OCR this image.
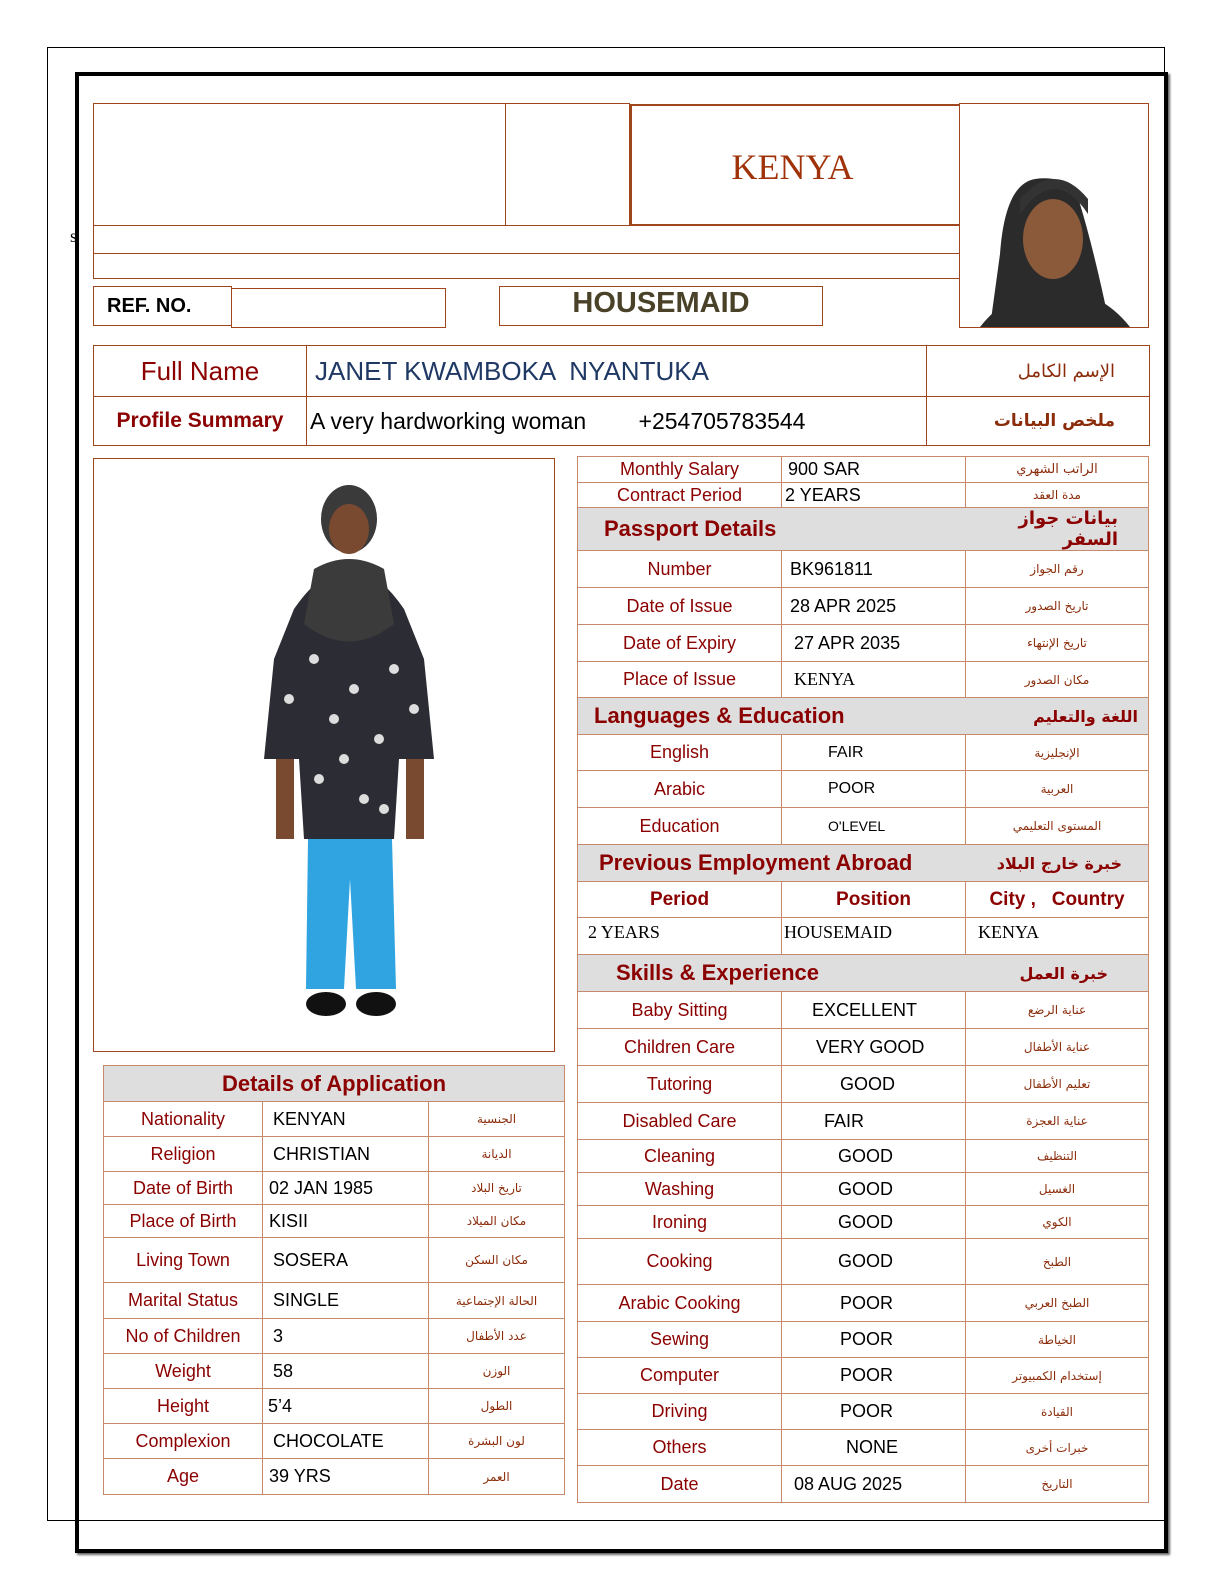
s
KENYA
REF. NO.	HOUSEMAID
Full Name	JANET KWAMBOKA  NYANTUKA	الإسم الكامل
Profile Summary	A very hardworking woman +254705783544	ملخص البيانات
Monthly Salary	900 SAR	الراتب الشهري
Contract Period	2 YEARS	مدة العقد
Passport Details		بيانات جواز السفر
Number	BK961811	رقم الجواز
Date of Issue	28 APR 2025	تاريخ الصدور
Date of Expiry	27 APR 2035	تاريخ الإنتهاء
Place of Issue	KENYA	مكان الصدور
Languages & Education		اللغة والتعليم
English	FAIR	الإنجليزية
Arabic	POOR	العربية
Education	O'LEVEL	المستوى التعليمي
Previous Employment Abroad		خبرة خارج البلاد
Period	Position	City ,   Country
2 YEARS	HOUSEMAID	KENYA
Skills & Experience		خبرة العمل
Baby Sitting	EXCELLENT	عناية الرضع
Children Care	VERY GOOD	عناية الأطفال
Tutoring	GOOD	تعليم الأطفال
Disabled Care	FAIR	عناية العجزة
Cleaning	GOOD	التنظيف
Washing	GOOD	الغسيل
Ironing	GOOD	الكوي
Cooking	GOOD	الطبخ
Arabic Cooking	POOR	الطبخ العربي
Sewing	POOR	الخياطة
Computer	POOR	إستخدام الكمبيوتر
Driving	POOR	القيادة
Others	NONE	خبرات أخرى
Date	08 AUG 2025	التاريخ
Details of Application		
Nationality	KENYAN	الجنسية
Religion	CHRISTIAN	الديانة
Date of Birth	02 JAN 1985	تاريخ البلاد
Place of Birth	KISII	مكان الميلاد
Living Town	SOSERA	مكان السكن
Marital Status	SINGLE	الحالة الإجتماعية
No of Children	3	عدد الأطفال
Weight	58	الوزن
Height	5’4	الطول
Complexion	CHOCOLATE	لون البشرة
Age	39 YRS	العمر
